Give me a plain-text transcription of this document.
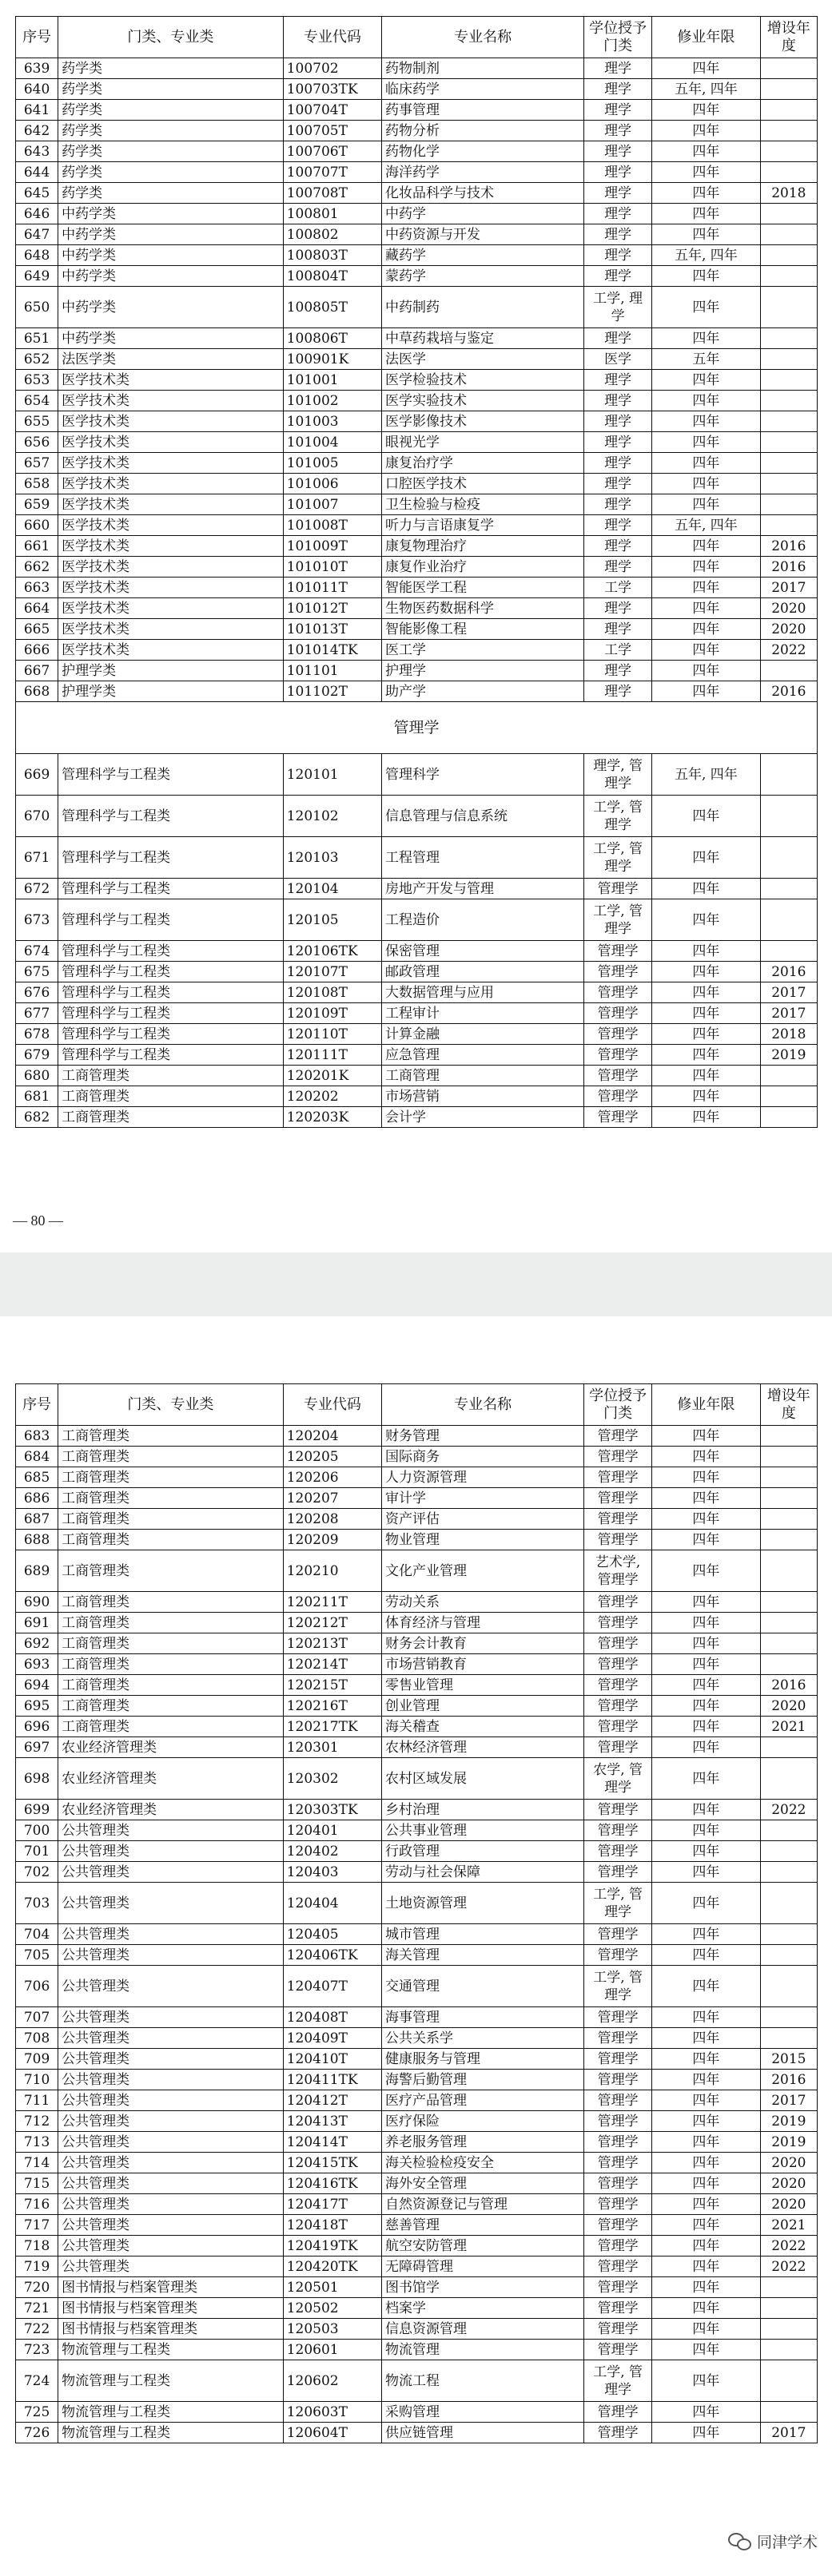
序号	门类、专业类	专业代码	专业名称	学位授予门类	修业年限	增设年度
639	药学类	100702	药物制剂	理学	四年	
640	药学类	100703TK	临床药学	理学	五年, 四年	
641	药学类	100704T	药事管理	理学	四年	
642	药学类	100705T	药物分析	理学	四年	
643	药学类	100706T	药物化学	理学	四年	
644	药学类	100707T	海洋药学	理学	四年	
645	药学类	100708T	化妆品科学与技术	理学	四年	2018
646	中药学类	100801	中药学	理学	四年	
647	中药学类	100802	中药资源与开发	理学	四年	
648	中药学类	100803T	藏药学	理学	五年, 四年	
649	中药学类	100804T	蒙药学	理学	四年	
650	中药学类	100805T	中药制药	工学, 理学	四年	
651	中药学类	100806T	中草药栽培与鉴定	理学	四年	
652	法医学类	100901K	法医学	医学	五年	
653	医学技术类	101001	医学检验技术	理学	四年	
654	医学技术类	101002	医学实验技术	理学	四年	
655	医学技术类	101003	医学影像技术	理学	四年	
656	医学技术类	101004	眼视光学	理学	四年	
657	医学技术类	101005	康复治疗学	理学	四年	
658	医学技术类	101006	口腔医学技术	理学	四年	
659	医学技术类	101007	卫生检验与检疫	理学	四年	
660	医学技术类	101008T	听力与言语康复学	理学	五年, 四年	
661	医学技术类	101009T	康复物理治疗	理学	四年	2016
662	医学技术类	101010T	康复作业治疗	理学	四年	2016
663	医学技术类	101011T	智能医学工程	工学	四年	2017
664	医学技术类	101012T	生物医药数据科学	理学	四年	2020
665	医学技术类	101013T	智能影像工程	理学	四年	2020
666	医学技术类	101014TK	医工学	工学	四年	2022
667	护理学类	101101	护理学	理学	四年	
668	护理学类	101102T	助产学	理学	四年	2016
管理学						
669	管理科学与工程类	120101	管理科学	理学, 管理学	五年, 四年	
670	管理科学与工程类	120102	信息管理与信息系统	工学, 管理学	四年	
671	管理科学与工程类	120103	工程管理	工学, 管理学	四年	
672	管理科学与工程类	120104	房地产开发与管理	管理学	四年	
673	管理科学与工程类	120105	工程造价	工学, 管理学	四年	
674	管理科学与工程类	120106TK	保密管理	管理学	四年	
675	管理科学与工程类	120107T	邮政管理	管理学	四年	2016
676	管理科学与工程类	120108T	大数据管理与应用	管理学	四年	2017
677	管理科学与工程类	120109T	工程审计	管理学	四年	2017
678	管理科学与工程类	120110T	计算金融	管理学	四年	2018
679	管理科学与工程类	120111T	应急管理	管理学	四年	2019
680	工商管理类	120201K	工商管理	管理学	四年	
681	工商管理类	120202	市场营销	管理学	四年	
682	工商管理类	120203K	会计学	管理学	四年	
— 80 —
序号	门类、专业类	专业代码	专业名称	学位授予门类	修业年限	增设年度
683	工商管理类	120204	财务管理	管理学	四年	
684	工商管理类	120205	国际商务	管理学	四年	
685	工商管理类	120206	人力资源管理	管理学	四年	
686	工商管理类	120207	审计学	管理学	四年	
687	工商管理类	120208	资产评估	管理学	四年	
688	工商管理类	120209	物业管理	管理学	四年	
689	工商管理类	120210	文化产业管理	艺术学, 管理学	四年	
690	工商管理类	120211T	劳动关系	管理学	四年	
691	工商管理类	120212T	体育经济与管理	管理学	四年	
692	工商管理类	120213T	财务会计教育	管理学	四年	
693	工商管理类	120214T	市场营销教育	管理学	四年	
694	工商管理类	120215T	零售业管理	管理学	四年	2016
695	工商管理类	120216T	创业管理	管理学	四年	2020
696	工商管理类	120217TK	海关稽查	管理学	四年	2021
697	农业经济管理类	120301	农林经济管理	管理学	四年	
698	农业经济管理类	120302	农村区域发展	农学, 管理学	四年	
699	农业经济管理类	120303TK	乡村治理	管理学	四年	2022
700	公共管理类	120401	公共事业管理	管理学	四年	
701	公共管理类	120402	行政管理	管理学	四年	
702	公共管理类	120403	劳动与社会保障	管理学	四年	
703	公共管理类	120404	土地资源管理	工学, 管理学	四年	
704	公共管理类	120405	城市管理	管理学	四年	
705	公共管理类	120406TK	海关管理	管理学	四年	
706	公共管理类	120407T	交通管理	工学, 管理学	四年	
707	公共管理类	120408T	海事管理	管理学	四年	
708	公共管理类	120409T	公共关系学	管理学	四年	
709	公共管理类	120410T	健康服务与管理	管理学	四年	2015
710	公共管理类	120411TK	海警后勤管理	管理学	四年	2016
711	公共管理类	120412T	医疗产品管理	管理学	四年	2017
712	公共管理类	120413T	医疗保险	管理学	四年	2019
713	公共管理类	120414T	养老服务管理	管理学	四年	2019
714	公共管理类	120415TK	海关检验检疫安全	管理学	四年	2020
715	公共管理类	120416TK	海外安全管理	管理学	四年	2020
716	公共管理类	120417T	自然资源登记与管理	管理学	四年	2020
717	公共管理类	120418T	慈善管理	管理学	四年	2021
718	公共管理类	120419TK	航空安防管理	管理学	四年	2022
719	公共管理类	120420TK	无障碍管理	管理学	四年	2022
720	图书情报与档案管理类	120501	图书馆学	管理学	四年	
721	图书情报与档案管理类	120502	档案学	管理学	四年	
722	图书情报与档案管理类	120503	信息资源管理	管理学	四年	
723	物流管理与工程类	120601	物流管理	管理学	四年	
724	物流管理与工程类	120602	物流工程	工学, 管理学	四年	
725	物流管理与工程类	120603T	采购管理	管理学	四年	
726	物流管理与工程类	120604T	供应链管理	管理学	四年	2017
同津学术
